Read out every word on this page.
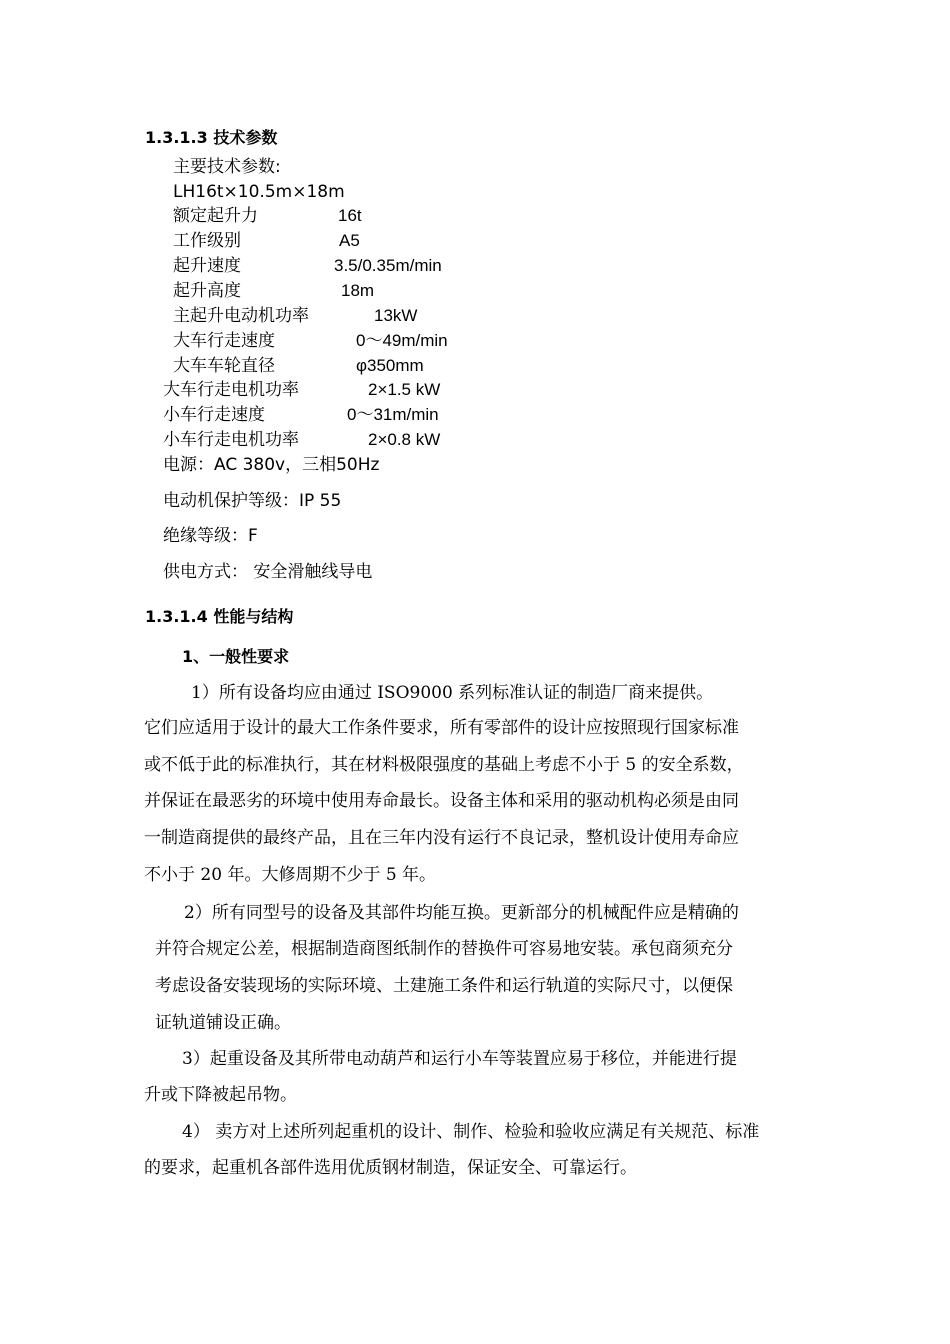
1.3.1.3 技术参数
主要技术参数:
LH16t×10.5m×18m
额定起升力	16t
工作级别	A5
起升速度	3.5/0.35m/min
起升高度	18m
主起升电动机功率	13kW
大车行走速度	0～49m/min
大车车轮直径	φ350mm
大车行走电机功率	2×1.5 kW
小车行走速度	0～31m/min
小车行走电机功率	2×0.8 kW
电源：AC 380v，三相50Hz
电动机保护等级：IP 55
绝缘等级：F
供电方式： 安全滑触线导电
1.3.1.4 性能与结构
1、一般性要求
1）所有设备均应由通过 ISO9000 系列标准认证的制造厂商来提供。
它们应适用于设计的最大工作条件要求，所有零部件的设计应按照现行国家标准
或不低于此的标准执行，其在材料极限强度的基础上考虑不小于 5 的安全系数，
并保证在最恶劣的环境中使用寿命最长。设备主体和采用的驱动机构必须是由同
一制造商提供的最终产品，且在三年内没有运行不良记录，整机设计使用寿命应
不小于 20 年。大修周期不少于 5 年。
2）所有同型号的设备及其部件均能互换。更新部分的机械配件应是精确的
并符合规定公差，根据制造商图纸制作的替换件可容易地安装。承包商须充分
考虑设备安装现场的实际环境、土建施工条件和运行轨道的实际尺寸，以便保
证轨道铺设正确。
3）起重设备及其所带电动葫芦和运行小车等装置应易于移位，并能进行提
升或下降被起吊物。
4） 卖方对上述所列起重机的设计、制作、检验和验收应满足有关规范、标准
的要求，起重机各部件选用优质钢材制造，保证安全、可靠运行。
